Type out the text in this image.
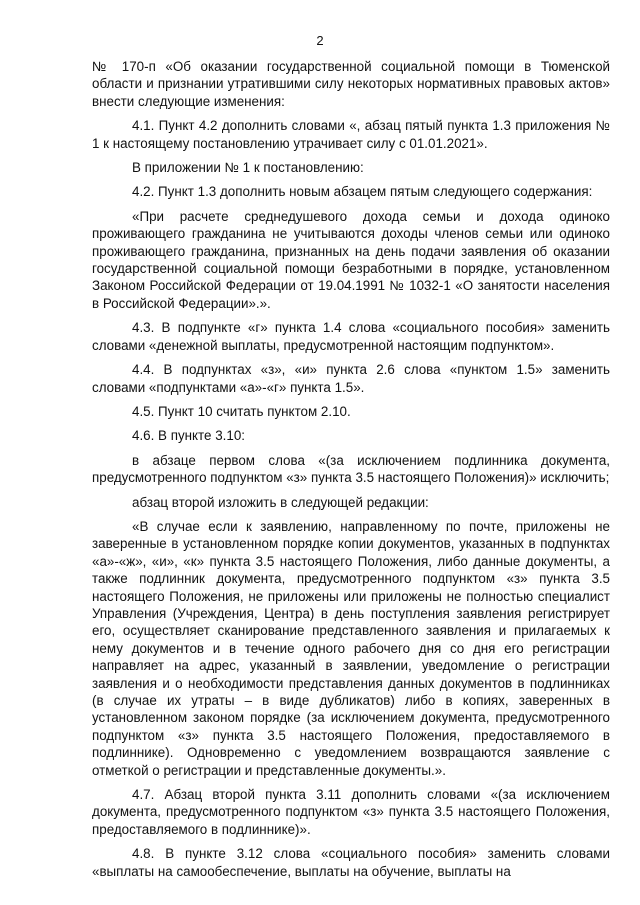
2

№ 170-п «Об оказании государственной социальной помощи в Тюменской области и признании утратившими силу некоторых нормативных правовых актов» внести следующие изменения:

4.1. Пункт 4.2 дополнить словами «, абзац пятый пункта 1.3 приложения № 1 к настоящему постановлению утрачивает силу с 01.01.2021».

В приложении № 1 к постановлению:

4.2. Пункт 1.3 дополнить новым абзацем пятым следующего содержания:

«При расчете среднедушевого дохода семьи и дохода одиноко проживающего гражданина не учитываются доходы членов семьи или одиноко проживающего гражданина, признанных на день подачи заявления об оказании государственной социальной помощи безработными в порядке, установленном Законом Российской Федерации от 19.04.1991 № 1032-1 «О занятости населения в Российской Федерации».».

4.3. В подпункте «г» пункта 1.4 слова «социального пособия» заменить словами «денежной выплаты, предусмотренной настоящим подпунктом».

4.4. В подпунктах «з», «и» пункта 2.6 слова «пунктом 1.5» заменить словами «подпунктами «а»-«г» пункта 1.5».

4.5. Пункт 10 считать пунктом 2.10.

4.6. В пункте 3.10:

в абзаце первом слова «(за исключением подлинника документа, предусмотренного подпунктом «з» пункта 3.5 настоящего Положения)» исключить;

абзац второй изложить в следующей редакции:

«В случае если к заявлению, направленному по почте, приложены не заверенные в установленном порядке копии документов, указанных в подпунктах «а»-«ж», «и», «к» пункта 3.5 настоящего Положения, либо данные документы, а также подлинник документа, предусмотренного подпунктом «з» пункта 3.5 настоящего Положения, не приложены или приложены не полностью специалист Управления (Учреждения, Центра) в день поступления заявления регистрирует его, осуществляет сканирование представленного заявления и прилагаемых к нему документов и в течение одного рабочего дня со дня его регистрации направляет на адрес, указанный в заявлении, уведомление о регистрации заявления и о необходимости представления данных документов в подлинниках (в случае их утраты – в виде дубликатов) либо в копиях, заверенных в установленном законом порядке (за исключением документа, предусмотренного подпунктом «з» пункта 3.5 настоящего Положения, предоставляемого в подлиннике). Одновременно с уведомлением возвращаются заявление с отметкой о регистрации и представленные документы.».

4.7. Абзац второй пункта 3.11 дополнить словами «(за исключением документа, предусмотренного подпунктом «з» пункта 3.5 настоящего Положения, предоставляемого в подлиннике)».

4.8. В пункте 3.12 слова «социального пособия» заменить словами «выплаты на самообеспечение, выплаты на обучение, выплаты на
